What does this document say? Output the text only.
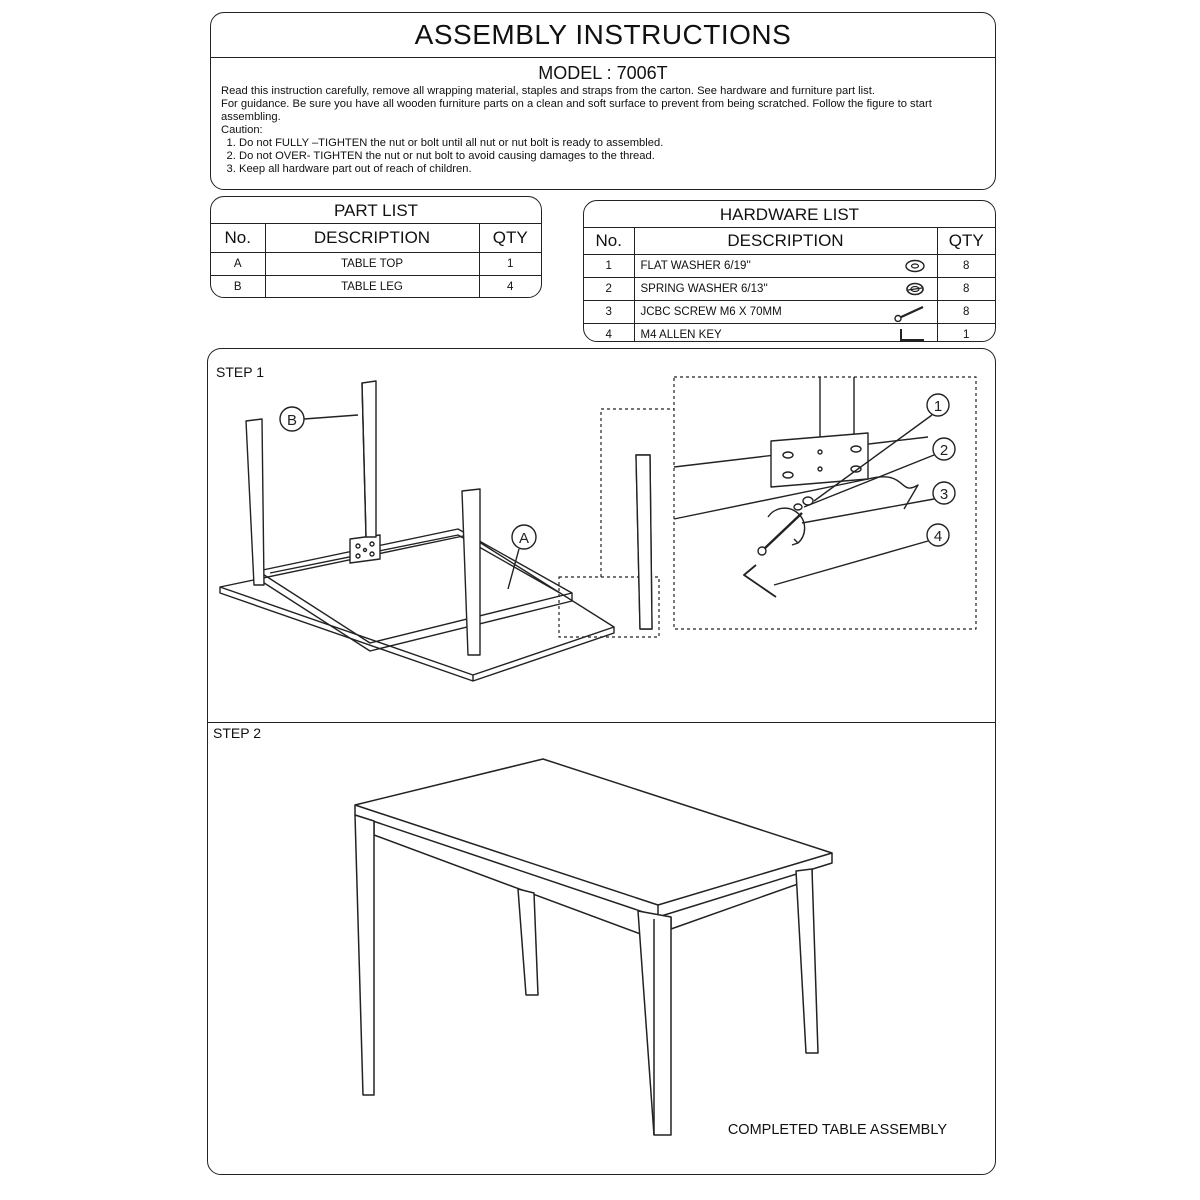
ASSEMBLY INSTRUCTIONS
MODEL : 7006T

Read this instruction carefully, remove all wrapping material, staples and straps from the carton. See hardware and furniture part list.

For guidance. Be sure you have all wooden furniture parts on a clean and soft surface to prevent from being scratched. Follow the figure to start assembling.

Caution:

1. Do not FULLY –TIGHTEN the nut or bolt until all nut or nut bolt is ready to assembled.
2. Do not OVER- TIGHTEN the nut or nut bolt to avoid causing damages to the thread.
3. Keep all hardware part out of reach of children.
PART LIST
No.	DESCRIPTION	QTY
A	TABLE TOP	1
B	TABLE LEG	4
HARDWARE LIST
No.	DESCRIPTION	QTY
1	FLAT WASHER 6/19''	8
2	SPRING WASHER 6/13''	8
3	JCBC SCREW M6 X 70MM	8
4	M4 ALLEN KEY	1
STEP 1
B
A
1
2
3
4
STEP 2
COMPLETED TABLE ASSEMBLY
